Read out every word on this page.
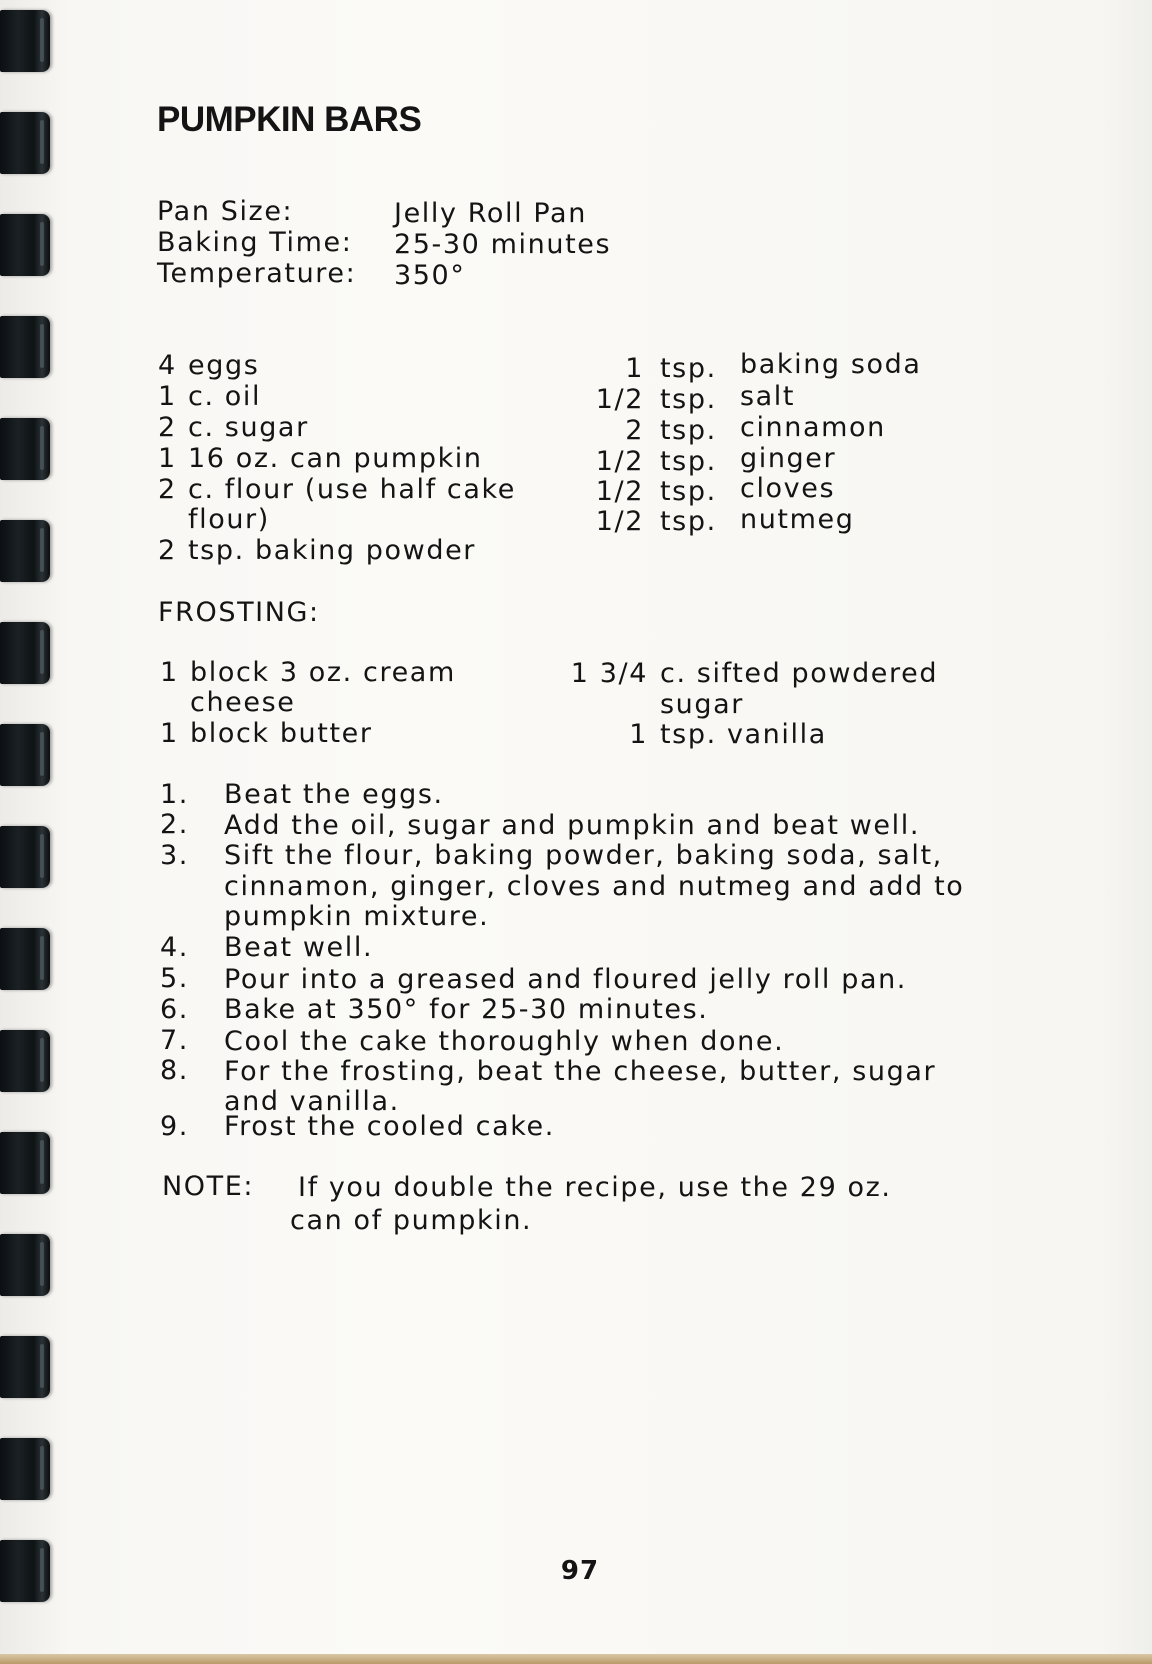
PUMPKIN BARS
Pan Size:	Jelly Roll Pan
Baking Time: 25-30 minutes
Temperature: 350°
4 eggs
1 c. oil
2 c. sugar
1 16 oz. can pumpkin
2 c. flour (use half cake
flour)
2 tsp. baking powder
1 tsp. baking soda
1/2 tsp. salt
2 tsp. cinnamon
1/2 tsp. ginger
1/2 tsp. cloves
1/2 tsp. nutmeg
FROSTING:
1 block 3 oz. cream
cheese
1 block butter
1 3/4 c. sifted powdered
sugar
1 tsp. vanilla
1. Beat the eggs.
2. Add the oil, sugar and pumpkin and beat well.
3. Sift the flour, baking powder, baking soda, salt,
cinnamon, ginger, cloves and nutmeg and add to
pumpkin mixture.
4. Beat well.
5. Pour into a greased and floured jelly roll pan.
6. Bake at 350° for 25-30 minutes.
7. Cool the cake thoroughly when done.
8. For the frosting, beat the cheese, butter, sugar
and vanilla.
9. Frost the cooled cake.
NOTE: If you double the recipe, use the 29 oz.
can of pumpkin.
97
